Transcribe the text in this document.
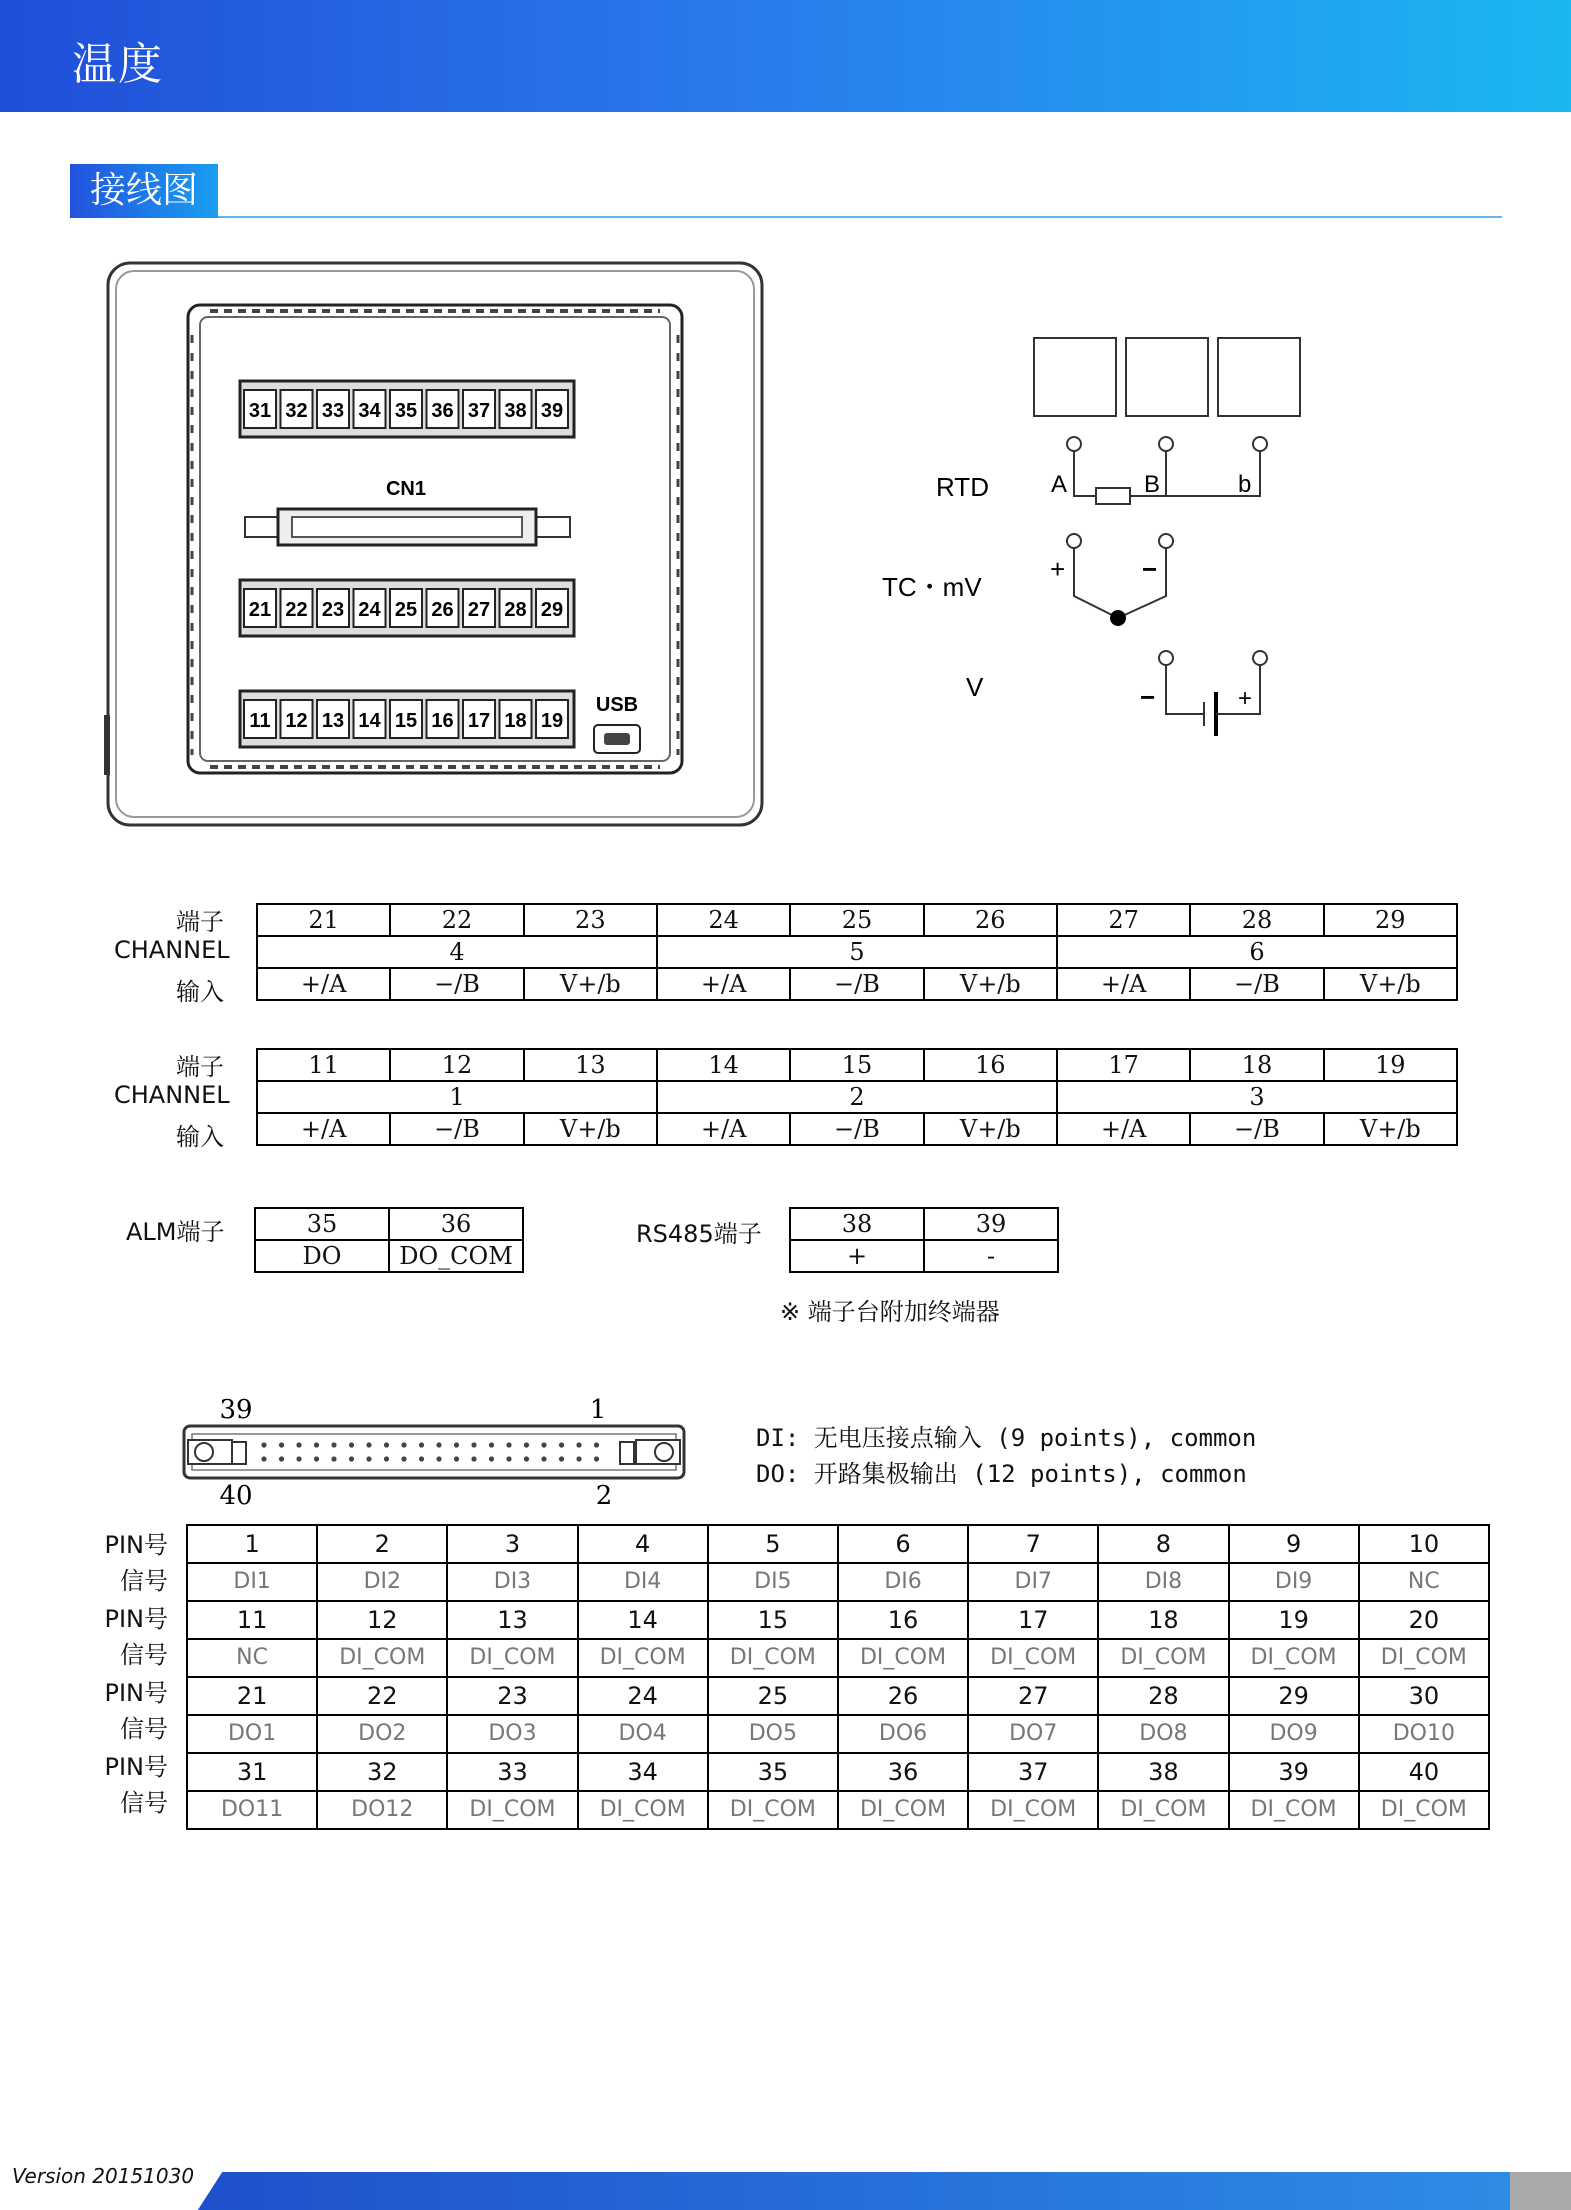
温度
接线图
CN1
USB
31 32 33 34 35 36 37 38 39
21 22 23 24 25 26 27 28 29
11 12 13 14 15 16 17 18 19
RTD	A	B	b
TC・mV
+	−
V	−	+
端子
CHANNEL
输入
21	22	23	24	25	26	27	28	29
4			5			6		
+/A	−/B	V+/b	+/A	−/B	V+/b	+/A	−/B	V+/b
端子
CHANNEL
输入
11	12	13	14	15	16	17	18	19
1			2			3		
+/A	−/B	V+/b	+/A	−/B	V+/b	+/A	−/B	V+/b
ALM端子	35	36
DO	DO_COM
RS485端子	38	39
+	-
※ 端子台附加终端器
39	1
40	2
DI: 无电压接点输入 (9 points), common
DO: 开路集极输出 (12 points), common
PIN号
信号
PIN号
信号
PIN号
信号
PIN号
信号
1	2	3	4	5	6	7	8	9	10
DI1	DI2	DI3	DI4	DI5	DI6	DI7	DI8	DI9	NC
11	12	13	14	15	16	17	18	19	20
NC	DI_COM	DI_COM	DI_COM	DI_COM	DI_COM	DI_COM	DI_COM	DI_COM	DI_COM
21	22	23	24	25	26	27	28	29	30
DO1	DO2	DO3	DO4	DO5	DO6	DO7	DO8	DO9	DO10
31	32	33	34	35	36	37	38	39	40
DO11	DO12	DI_COM	DI_COM	DI_COM	DI_COM	DI_COM	DI_COM	DI_COM	DI_COM
Version 20151030
